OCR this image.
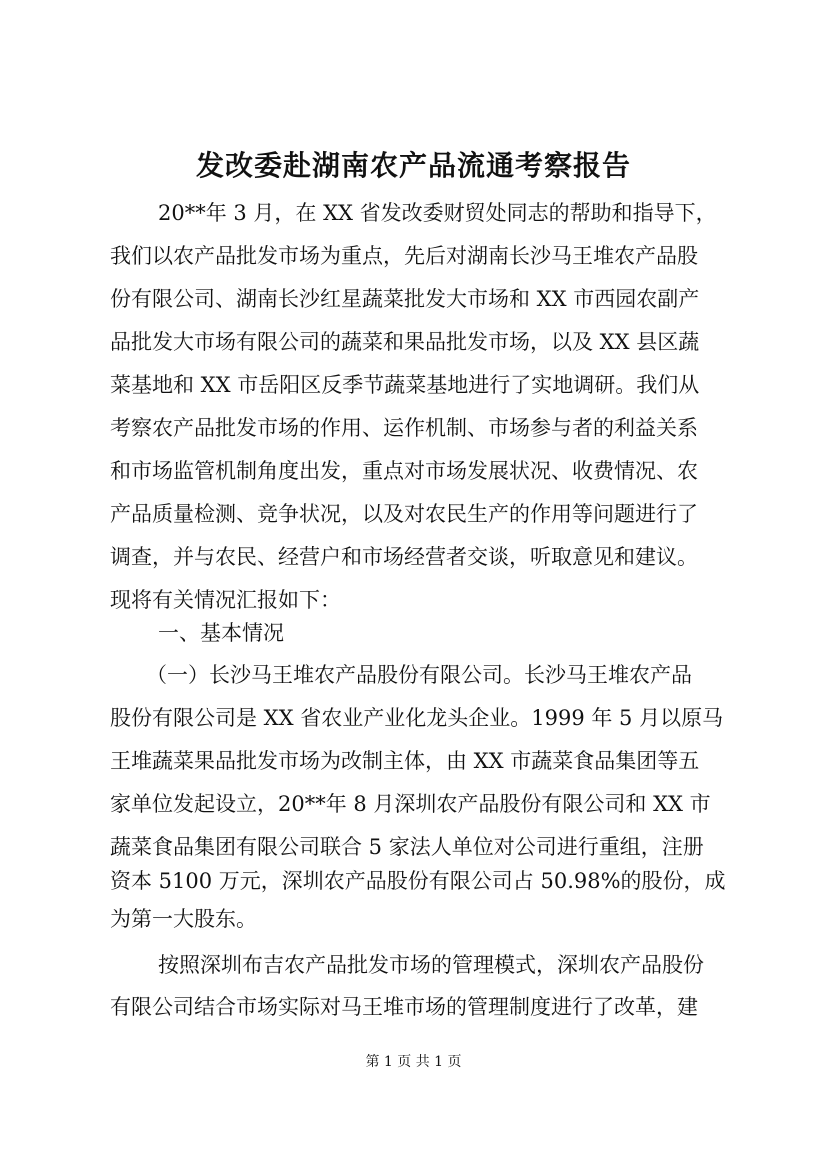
发改委赴湖南农产品流通考察报告
20**年 3 月，在 XX 省发改委财贸处同志的帮助和指导下，
我们以农产品批发市场为重点，先后对湖南长沙马王堆农产品股
份有限公司、湖南长沙红星蔬菜批发大市场和 XX 市西园农副产
品批发大市场有限公司的蔬菜和果品批发市场，以及 XX 县区蔬
菜基地和 XX 市岳阳区反季节蔬菜基地进行了实地调研。我们从
考察农产品批发市场的作用、运作机制、市场参与者的利益关系
和市场监管机制角度出发，重点对市场发展状况、收费情况、农
产品质量检测、竞争状况，以及对农民生产的作用等问题进行了
调查，并与农民、经营户和市场经营者交谈，听取意见和建议。
现将有关情况汇报如下：
一、基本情况
（一）长沙马王堆农产品股份有限公司。长沙马王堆农产品
股份有限公司是 XX 省农业产业化龙头企业。1999 年 5 月以原马
王堆蔬菜果品批发市场为改制主体，由 XX 市蔬菜食品集团等五
家单位发起设立，20**年 8 月深圳农产品股份有限公司和 XX 市
蔬菜食品集团有限公司联合 5 家法人单位对公司进行重组，注册
资本 5100 万元，深圳农产品股份有限公司占 50.98%的股份，成
为第一大股东。
按照深圳布吉农产品批发市场的管理模式，深圳农产品股份
有限公司结合市场实际对马王堆市场的管理制度进行了改革，建
第 1 页 共 1 页
